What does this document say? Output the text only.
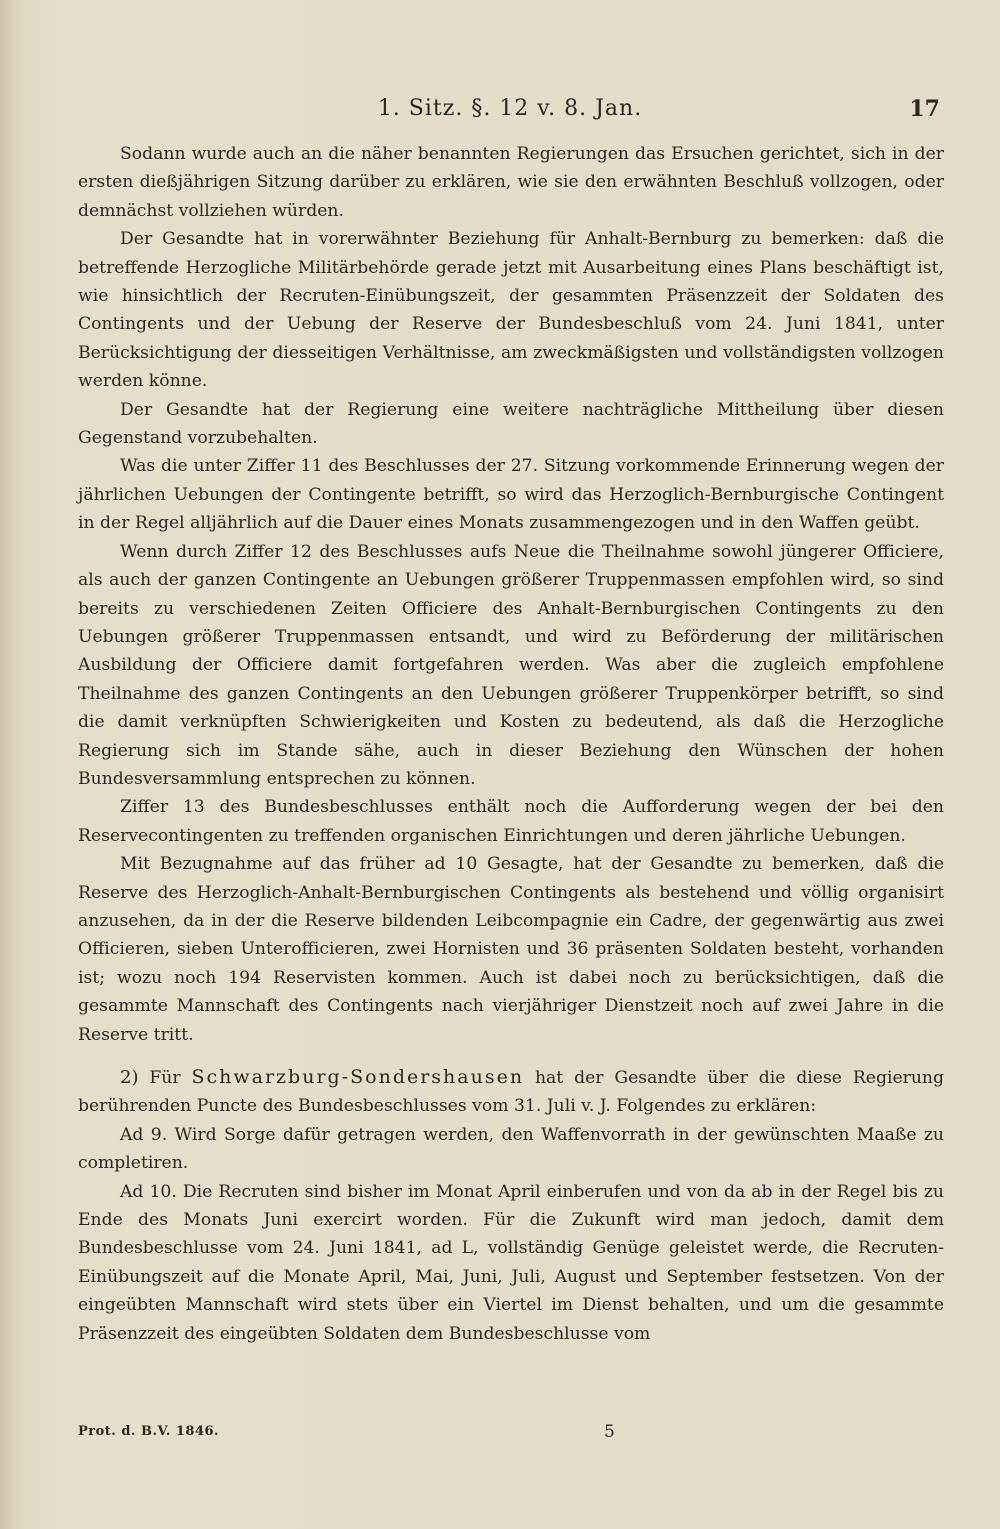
1. Sitz. §. 12 v. 8. Jan.	17

Sodann wurde auch an die näher benannten Regierungen das Ersuchen gerichtet, sich in der ersten dießjährigen Sitzung darüber zu erklären, wie sie den erwähnten Beschluß vollzogen, oder demnächst vollziehen würden.

Der Gesandte hat in vorerwähnter Beziehung für Anhalt-Bernburg zu bemerken: daß die betreffende Herzogliche Militärbehörde gerade jetzt mit Ausarbeitung eines Plans beschäftigt ist, wie hinsichtlich der Recruten-Einübungszeit, der gesammten Präsenzzeit der Soldaten des Contingents und der Uebung der Reserve der Bundesbeschluß vom 24. Juni 1841, unter Berücksichtigung der diesseitigen Verhältnisse, am zweckmäßigsten und vollständigsten vollzogen werden könne.

Der Gesandte hat der Regierung eine weitere nachträgliche Mittheilung über diesen Gegenstand vorzubehalten.

Was die unter Ziffer 11 des Beschlusses der 27. Sitzung vorkommende Erinnerung wegen der jährlichen Uebungen der Contingente betrifft, so wird das Herzoglich-Bernburgische Contingent in der Regel alljährlich auf die Dauer eines Monats zusammengezogen und in den Waffen geübt.

Wenn durch Ziffer 12 des Beschlusses aufs Neue die Theilnahme sowohl jüngerer Officiere, als auch der ganzen Contingente an Uebungen größerer Truppenmassen empfohlen wird, so sind bereits zu verschiedenen Zeiten Officiere des Anhalt-Bernburgischen Contingents zu den Uebungen größerer Truppenmassen entsandt, und wird zu Beförderung der militärischen Ausbildung der Officiere damit fortgefahren werden. Was aber die zugleich empfohlene Theilnahme des ganzen Contingents an den Uebungen größerer Truppenkörper betrifft, so sind die damit verknüpften Schwierigkeiten und Kosten zu bedeutend, als daß die Herzogliche Regierung sich im Stande sähe, auch in dieser Beziehung den Wünschen der hohen Bundesversammlung entsprechen zu können.

Ziffer 13 des Bundesbeschlusses enthält noch die Aufforderung wegen der bei den Reservecontingenten zu treffenden organischen Einrichtungen und deren jährliche Uebungen.

Mit Bezugnahme auf das früher ad 10 Gesagte, hat der Gesandte zu bemerken, daß die Reserve des Herzoglich-Anhalt-Bernburgischen Contingents als bestehend und völlig organisirt anzusehen, da in der die Reserve bildenden Leibcompagnie ein Cadre, der gegenwärtig aus zwei Officieren, sieben Unterofficieren, zwei Hornisten und 36 präsenten Soldaten besteht, vorhanden ist; wozu noch 194 Reservisten kommen. Auch ist dabei noch zu berücksichtigen, daß die gesammte Mannschaft des Contingents nach vierjähriger Dienstzeit noch auf zwei Jahre in die Reserve tritt.

2) Für Schwarzburg-Sondershausen hat der Gesandte über die diese Regierung berührenden Puncte des Bundesbeschlusses vom 31. Juli v. J. Folgendes zu erklären:

Ad 9. Wird Sorge dafür getragen werden, den Waffenvorrath in der gewünschten Maaße zu completiren.

Ad 10. Die Recruten sind bisher im Monat April einberufen und von da ab in der Regel bis zu Ende des Monats Juni exercirt worden. Für die Zukunft wird man jedoch, damit dem Bundesbeschlusse vom 24. Juni 1841, ad L, vollständig Genüge geleistet werde, die Recruten-Einübungszeit auf die Monate April, Mai, Juni, Juli, August und September festsetzen. Von der eingeübten Mannschaft wird stets über ein Viertel im Dienst behalten, und um die gesammte Präsenzzeit des eingeübten Soldaten dem Bundesbeschlusse vom

Prot. d. B.V. 1846.	5
